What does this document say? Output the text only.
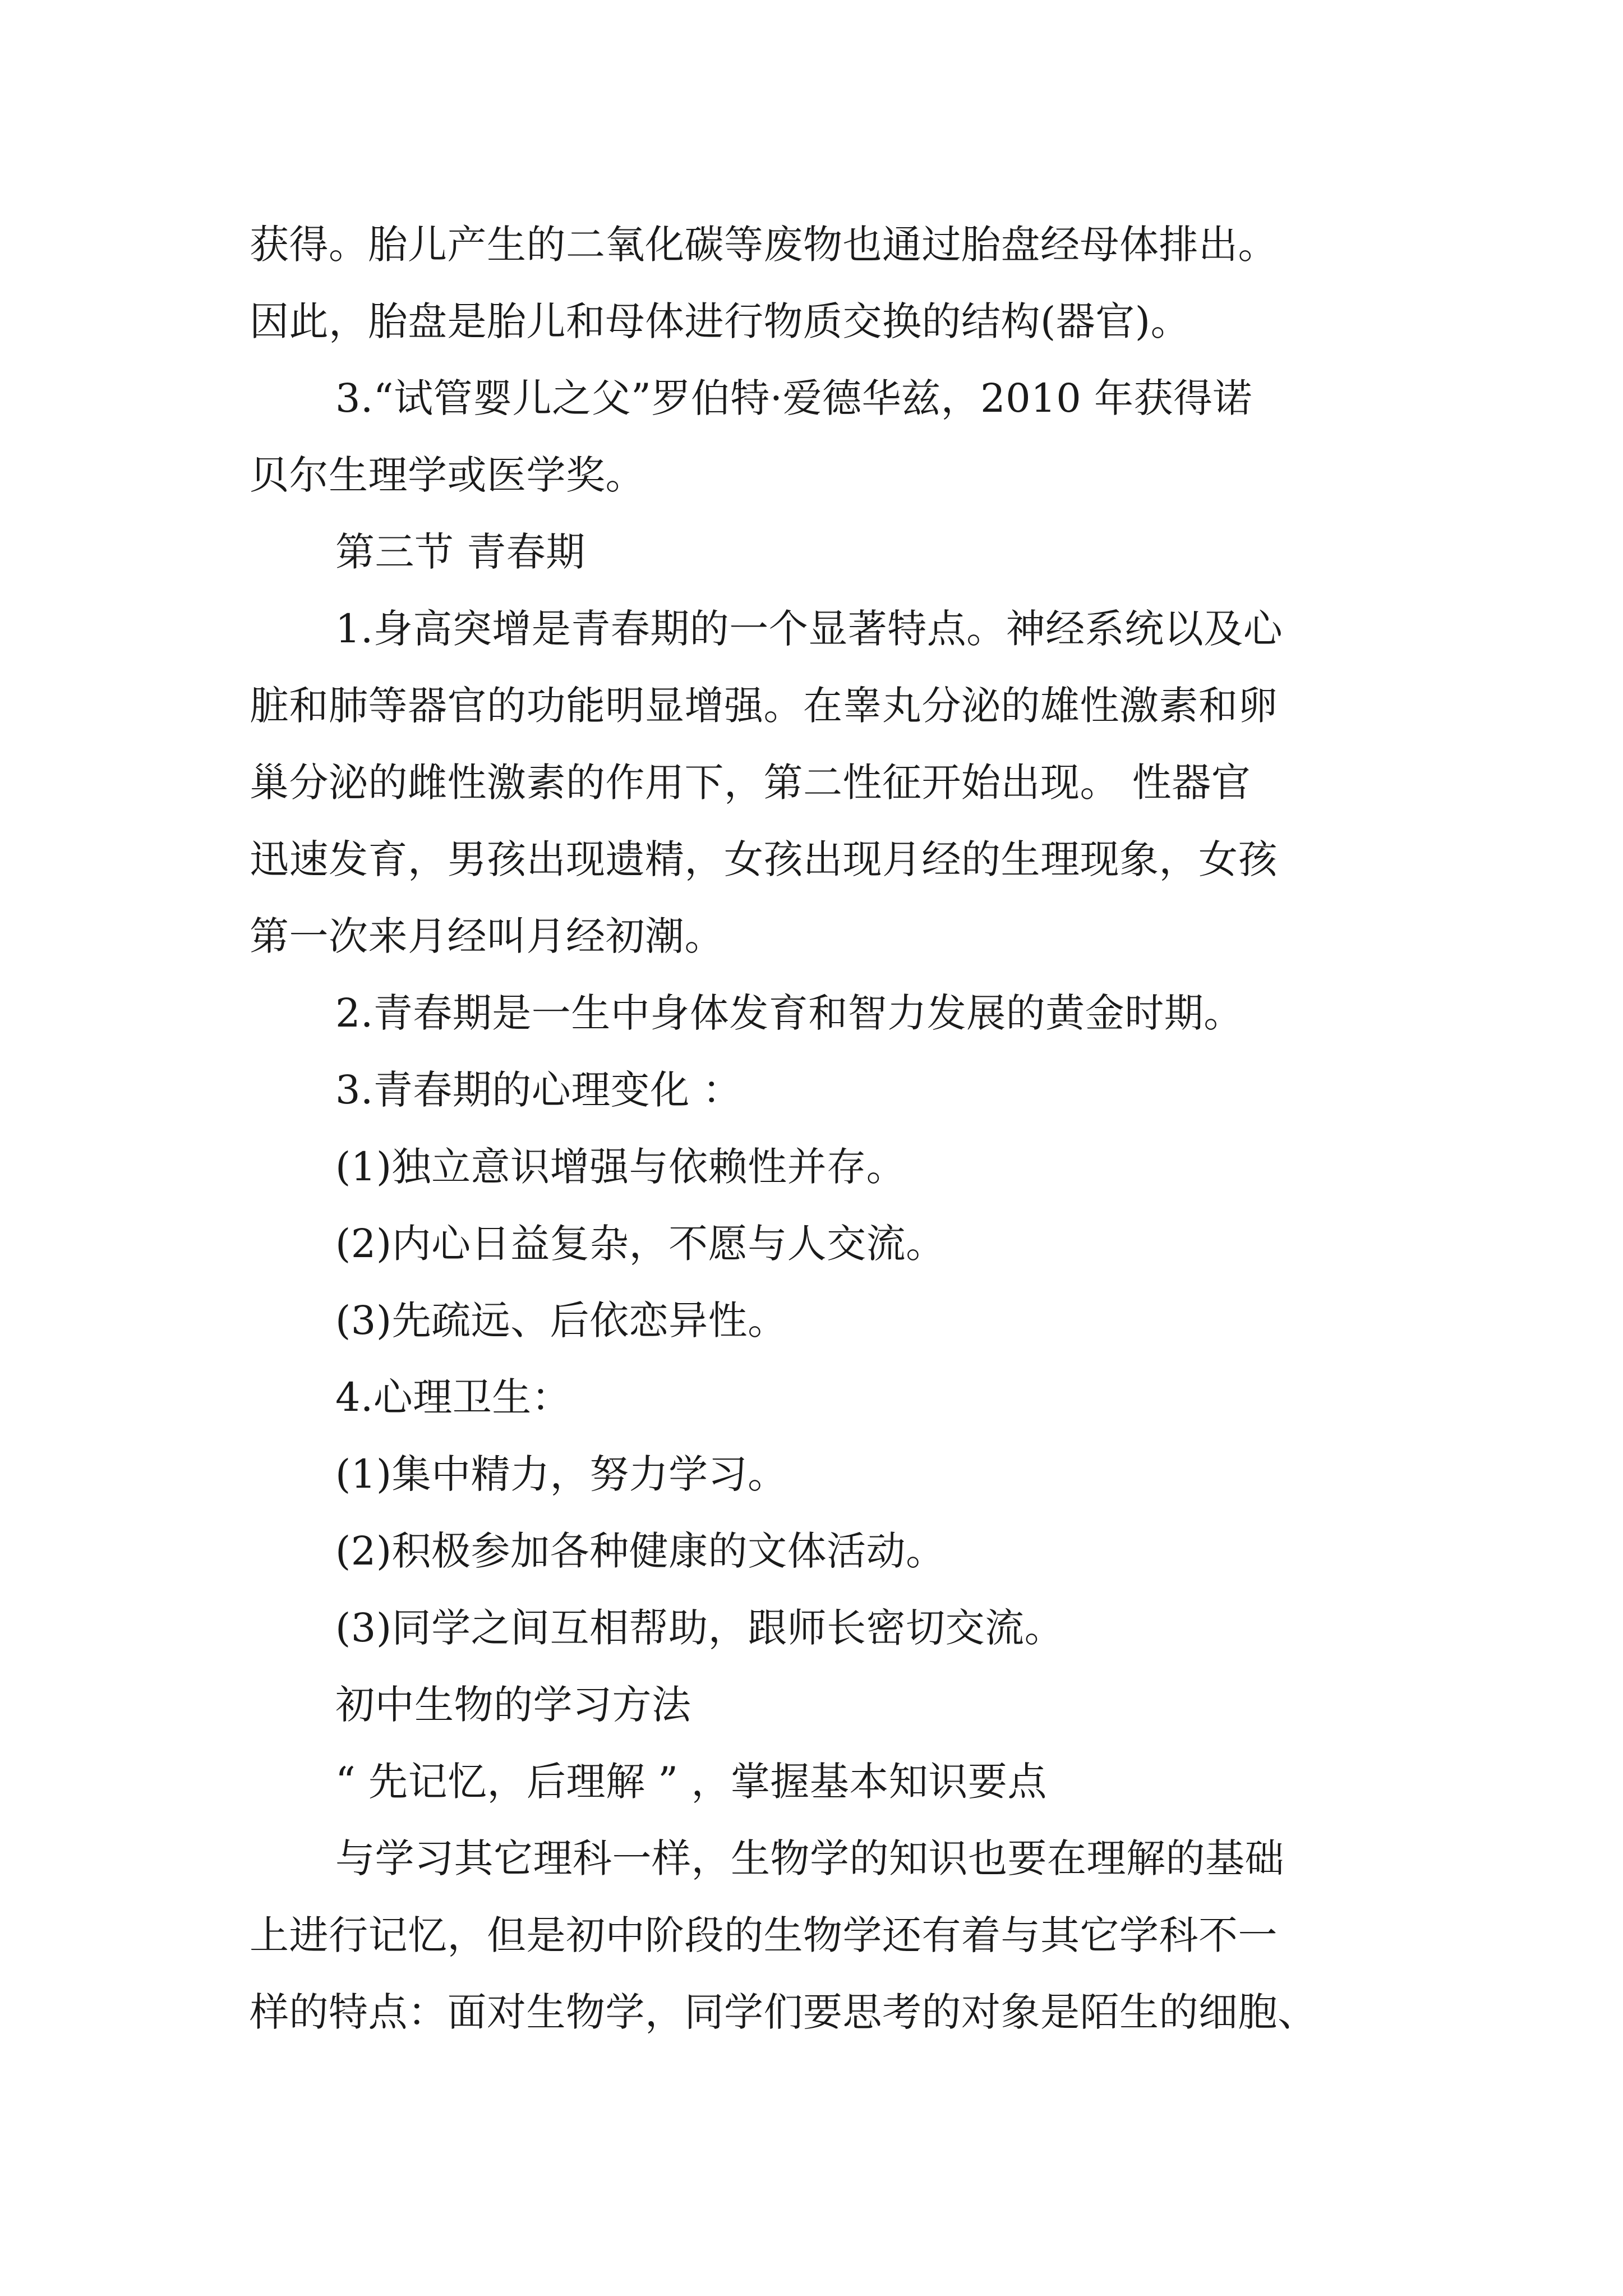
获得。胎儿产生的二氧化碳等废物也通过胎盘经母体排出。
因此，胎盘是胎儿和母体进行物质交换的结构(器官)。
3.“试管婴儿之父”罗伯特·爱德华兹，2010 年获得诺
贝尔生理学或医学奖。
第三节 青春期
1.身高突增是青春期的一个显著特点。神经系统以及心
脏和肺等器官的功能明显增强。在睾丸分泌的雄性激素和卵
巢分泌的雌性激素的作用下，第二性征开始出现。 性器官
迅速发育，男孩出现遗精，女孩出现月经的生理现象，女孩
第一次来月经叫月经初潮。
2.青春期是一生中身体发育和智力发展的黄金时期。
3.青春期的心理变化 ：
(1)独立意识增强与依赖性并存。
(2)内心日益复杂，不愿与人交流。
(3)先疏远、后依恋异性。
4.心理卫生：
(1)集中精力，努力学习。
(2)积极参加各种健康的文体活动。
(3)同学之间互相帮助，跟师长密切交流。
初中生物的学习方法
“ 先记忆，后理解 ” ，掌握基本知识要点
与学习其它理科一样，生物学的知识也要在理解的基础
上进行记忆，但是初中阶段的生物学还有着与其它学科不一
样的特点：面对生物学，同学们要思考的对象是陌生的细胞、
